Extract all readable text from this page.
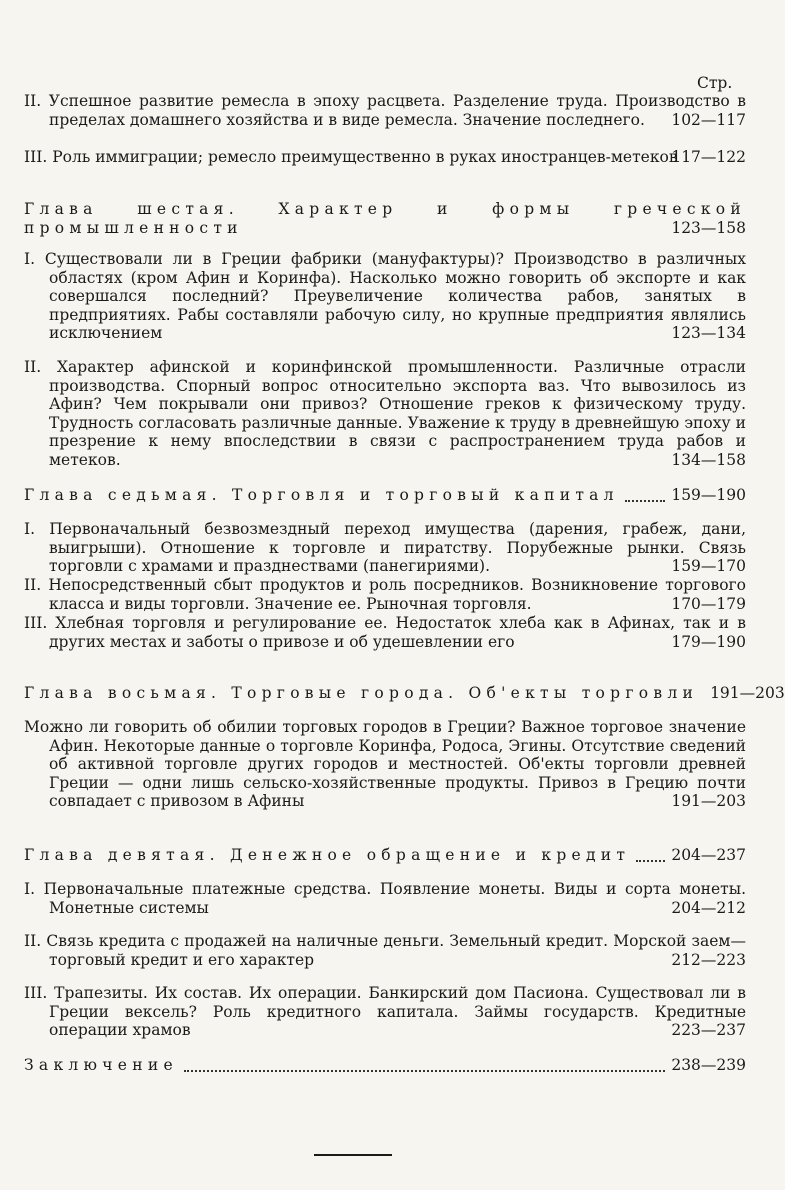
Стр.

II. Успешное развитие ремесла в эпоху расцвета. Разделение труда. Производство в пределах домашнего хозяйства и в виде ремесла. Значение последнего. 102—117

III. Роль иммиграции; ремесло преимущественно в руках иностранцев-метеков
117—122

Глава шестая. Характер и формы греческой промышленности	123—158

I. Существовали ли в Греции фабрики (мануфактуры)? Производство в различных областях (кром Афин и Коринфа). Насколько можно говорить об экспорте и как совершался последний? Преувеличение количества рабов, занятых в предприятиях. Рабы составляли рабочую силу, но крупные предприятия являлись исключением	123—134

II. Характер афинской и коринфинской промышленности. Различные отрасли производства. Спорный вопрос относительно экспорта ваз. Что вывозилось из Афин? Чем покрывали они привоз? Отношение греков к физическому труду. Трудность согласовать различные данные. Уважение к труду в древнейшую эпоху и презрение к нему впоследствии в связи с распространением труда рабов и метеков.	134—158

Глава седьмая. Торговля и торговый капитал	159—190

I. Первоначальный безвозмездный переход имущества (дарения, грабеж, дани, выигрыши). Отношение к торговле и пиратству. Порубежные рынки. Связь торговли с храмами и празднествами (панегириями).	159—170

II. Непосредственный сбыт продуктов и роль посредников. Возникновение торгового класса и виды торговли. Значение ее. Рыночная торговля.	170—179

III. Хлебная торговля и регулирование ее. Недостаток хлеба как в Афинах, так и в других местах и заботы о привозе и об удешевлении его	179—190

Глава восьмая. Торговые города. Об'екты торговли 191—203

Можно ли говорить об обилии торговых городов в Греции? Важное торговое значение Афин. Некоторые данные о торговле Коринфа, Родоса, Эгины. Отсутствие сведений об активной торговле других городов и местностей. Об'екты торговли древней Греции — одни лишь сельско-хозяйственные продукты. Привоз в Грецию почти совпадает с привозом в Афины	191—203

Глава девятая. Денежное обращение и кредит	204—237

I. Первоначальные платежные средства. Появление монеты. Виды и сорта монеты. Монетные системы	204—212

II. Связь кредита с продажей на наличные деньги. Земельный кредит. Морской заем—торговый кредит и его характер	212—223

III. Трапезиты. Их состав. Их операции. Банкирский дом Пасиона. Существовал ли в Греции вексель? Роль кредитного капитала. Займы государств. Кредитные операции храмов	223—237

Заключение	238—239
